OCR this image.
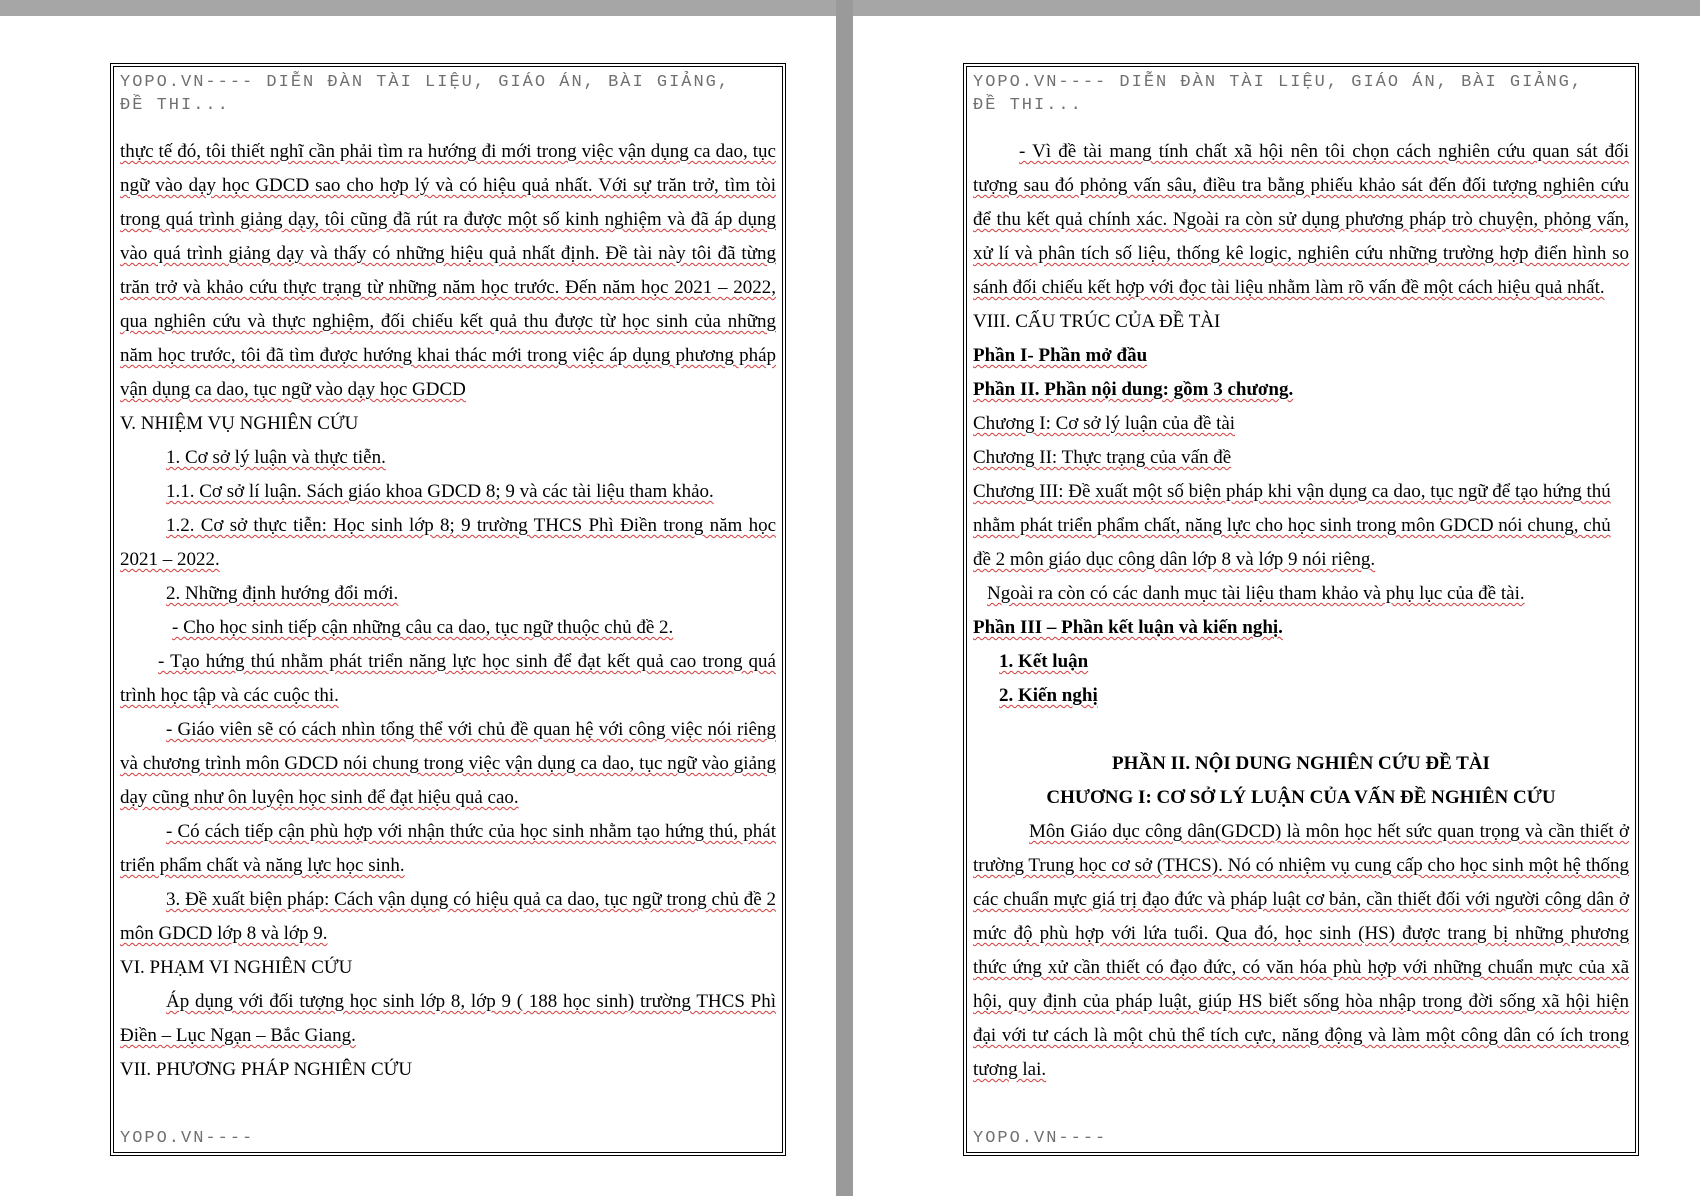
YOPO.VN---- DIỄN ĐÀN TÀI LIỆU, GIÁO ÁN, BÀI GIẢNG, ĐỀ THI...

thực tế đó, tôi thiết nghĩ cần phải tìm ra hướng đi mới trong việc vận dụng ca dao, tục ngữ vào dạy học GDCD sao cho hợp lý và có hiệu quả nhất. Với sự trăn trở, tìm tòi trong quá trình giảng dạy, tôi cũng đã rút ra được một số kinh nghiệm và đã áp dụng vào quá trình giảng dạy và thấy có những hiệu quả nhất định. Đề tài này tôi đã từng trăn trở và khảo cứu thực trạng từ những năm học trước. Đến năm học 2021 – 2022, qua nghiên cứu và thực nghiệm, đối chiếu kết quả thu được từ học sinh của những năm học trước, tôi đã tìm được hướng khai thác mới trong việc áp dụng phương pháp vận dụng ca dao, tục ngữ vào dạy học GDCD

V. NHIỆM VỤ NGHIÊN CỨU

1. Cơ sở lý luận và thực tiễn.

1.1. Cơ sở lí luận. Sách giáo khoa GDCD 8; 9 và các tài liệu tham khảo.

1.2. Cơ sở thực tiễn: Học sinh lớp 8; 9 trường THCS Phì Điền trong năm học 2021 – 2022.

2. Những định hướng đổi mới.

- Cho học sinh tiếp cận những câu ca dao, tục ngữ thuộc chủ đề 2.

- Tạo hứng thú nhằm phát triển năng lực học sinh để đạt kết quả cao trong quá trình học tập và các cuộc thi.

- Giáo viên sẽ có cách nhìn tổng thể với chủ đề quan hệ với công việc nói riêng và chương trình môn GDCD nói chung trong việc vận dụng ca dao, tục ngữ vào giảng dạy cũng như ôn luyện học sinh để đạt hiệu quả cao.

- Có cách tiếp cận phù hợp với nhận thức của học sinh nhằm tạo hứng thú, phát triển phẩm chất và năng lực học sinh.

3. Đề xuất biện pháp: Cách vận dụng có hiệu quả ca dao, tục ngữ trong chủ đề 2 môn GDCD lớp 8 và lớp 9.

VI. PHẠM VI NGHIÊN CỨU

Áp dụng với đối tượng học sinh lớp 8, lớp 9 ( 188 học sinh) trường THCS Phì Điền – Lục Ngạn – Bắc Giang.

VII. PHƯƠNG PHÁP NGHIÊN CỨU

YOPO.VN----
YOPO.VN---- DIỄN ĐÀN TÀI LIỆU, GIÁO ÁN, BÀI GIẢNG, ĐỀ THI...

- Vì đề tài mang tính chất xã hội nên tôi chọn cách nghiên cứu quan sát đối tượng sau đó phỏng vấn sâu, điều tra bằng phiếu khảo sát đến đối tượng nghiên cứu để thu kết quả chính xác. Ngoài ra còn sử dụng phương pháp trò chuyện, phỏng vấn, xử lí và phân tích số liệu, thống kê logic, nghiên cứu những trường hợp điển hình so sánh đối chiếu kết hợp với đọc tài liệu nhằm làm rõ vấn đề một cách hiệu quả nhất.

VIII. CẤU TRÚC CỦA ĐỀ TÀI

Phần I- Phần mở đầu

Phần II. Phần nội dung: gồm 3 chương.

Chương I: Cơ sở lý luận của đề tài

Chương II: Thực trạng của vấn đề

Chương III: Đề xuất một số biện pháp khi vận dụng ca dao, tục ngữ để tạo hứng thú nhằm phát triển phẩm chất, năng lực cho học sinh trong môn GDCD nói chung, chủ đề 2 môn giáo dục công dân lớp 8 và lớp 9 nói riêng.

Ngoài ra còn có các danh mục tài liệu tham khảo và phụ lục của đề tài.

Phần III – Phần kết luận và kiến nghị.

1. Kết luận

2. Kiến nghị

PHẦN II. NỘI DUNG NGHIÊN CỨU ĐỀ TÀI

CHƯƠNG I: CƠ SỞ LÝ LUẬN CỦA VẤN ĐỀ NGHIÊN CỨU

Môn Giáo dục công dân(GDCD) là môn học hết sức quan trọng và cần thiết ở trường Trung học cơ sở (THCS). Nó có nhiệm vụ cung cấp cho học sinh một hệ thống các chuẩn mực giá trị đạo đức và pháp luật cơ bản, cần thiết đối với người công dân ở mức độ phù hợp với lứa tuổi. Qua đó, học sinh (HS) được trang bị những phương thức ứng xử cần thiết có đạo đức, có văn hóa phù hợp với những chuẩn mực của xã hội, quy định của pháp luật, giúp HS biết sống hòa nhập trong đời sống xã hội hiện đại với tư cách là một chủ thể tích cực, năng động và làm một công dân có ích trong tương lai.

YOPO.VN----
